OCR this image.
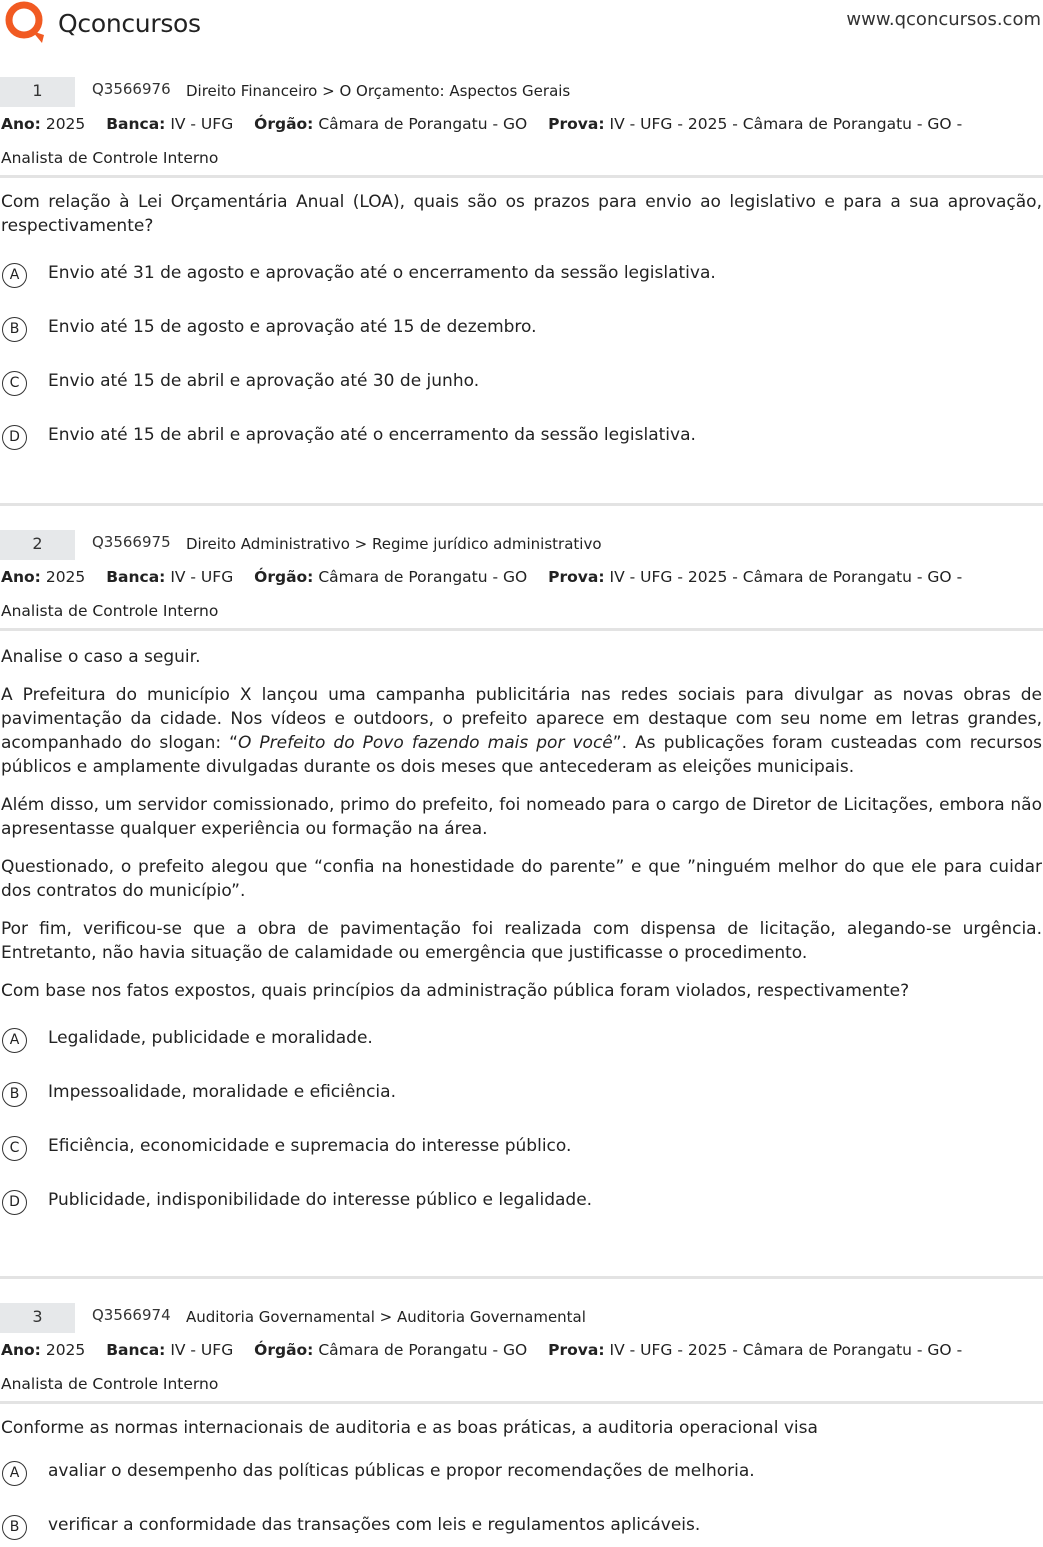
Qconcursos	www.qconcursos.com
1	Q3566976 Direito Financeiro > O Orçamento: Aspectos Gerais
Ano: 2025 Banca: IV - UFG Órgão: Câmara de Porangatu - GO Prova: IV - UFG - 2025 - Câmara de Porangatu - GO - Analista de Controle Interno
Com relação à Lei Orçamentária Anual (LOA), quais são os prazos para envio ao legislativo e para a sua aprovação, respectivamente?
A	Envio até 31 de agosto e aprovação até o encerramento da sessão legislativa.
B	Envio até 15 de agosto e aprovação até 15 de dezembro.
C	Envio até 15 de abril e aprovação até 30 de junho.
D	Envio até 15 de abril e aprovação até o encerramento da sessão legislativa.
2	Q3566975 Direito Administrativo > Regime jurídico administrativo
Ano: 2025 Banca: IV - UFG Órgão: Câmara de Porangatu - GO Prova: IV - UFG - 2025 - Câmara de Porangatu - GO - Analista de Controle Interno
Analise o caso a seguir.
A Prefeitura do município X lançou uma campanha publicitária nas redes sociais para divulgar as novas obras de pavimentação da cidade. Nos vídeos e outdoors, o prefeito aparece em destaque com seu nome em letras grandes, acompanhado do slogan: “O Prefeito do Povo fazendo mais por você”. As publicações foram custeadas com recursos públicos e amplamente divulgadas durante os dois meses que antecederam as eleições municipais.
Além disso, um servidor comissionado, primo do prefeito, foi nomeado para o cargo de Diretor de Licitações, embora não apresentasse qualquer experiência ou formação na área.
Questionado, o prefeito alegou que “confia na honestidade do parente” e que ”ninguém melhor do que ele para cuidar dos contratos do município”.
Por fim, verificou-se que a obra de pavimentação foi realizada com dispensa de licitação, alegando-se urgência. Entretanto, não havia situação de calamidade ou emergência que justificasse o procedimento.
Com base nos fatos expostos, quais princípios da administração pública foram violados, respectivamente?
A	Legalidade, publicidade e moralidade.
B	Impessoalidade, moralidade e eficiência.
C	Eficiência, economicidade e supremacia do interesse público.
D	Publicidade, indisponibilidade do interesse público e legalidade.
3	Q3566974 Auditoria Governamental > Auditoria Governamental
Ano: 2025 Banca: IV - UFG Órgão: Câmara de Porangatu - GO Prova: IV - UFG - 2025 - Câmara de Porangatu - GO - Analista de Controle Interno
Conforme as normas internacionais de auditoria e as boas práticas, a auditoria operacional visa
A	avaliar o desempenho das políticas públicas e propor recomendações de melhoria.
B	verificar a conformidade das transações com leis e regulamentos aplicáveis.
